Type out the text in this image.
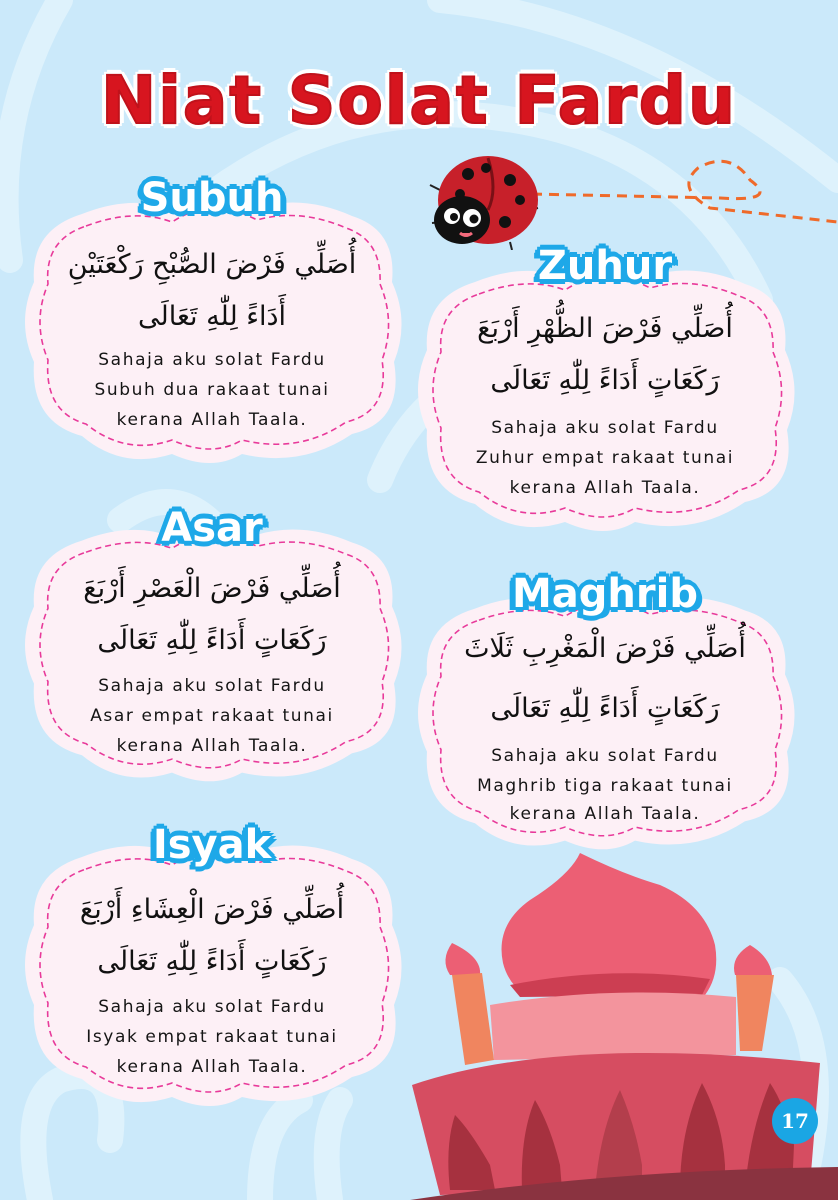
Niat Solat Fardu
Subuh
أُصَلِّي فَرْضَ الصُّبْحِ رَكْعَتَيْنِ
أَدَاءً لِلّٰهِ تَعَالَى
Sahaja aku solat Fardu
Subuh dua rakaat tunai
kerana Allah Taala.
Zuhur
أُصَلِّي فَرْضَ الظُّهْرِ أَرْبَعَ
رَكَعَاتٍ أَدَاءً لِلّٰهِ تَعَالَى
Sahaja aku solat Fardu
Zuhur empat rakaat tunai
kerana Allah Taala.
Asar
أُصَلِّي فَرْضَ الْعَصْرِ أَرْبَعَ
رَكَعَاتٍ أَدَاءً لِلّٰهِ تَعَالَى
Sahaja aku solat Fardu
Asar empat rakaat tunai
kerana Allah Taala.
Maghrib
أُصَلِّي فَرْضَ الْمَغْرِبِ ثَلَاثَ
رَكَعَاتٍ أَدَاءً لِلّٰهِ تَعَالَى
Sahaja aku solat Fardu
Maghrib tiga rakaat tunai
kerana Allah Taala.
Isyak
أُصَلِّي فَرْضَ الْعِشَاءِ أَرْبَعَ
رَكَعَاتٍ أَدَاءً لِلّٰهِ تَعَالَى
Sahaja aku solat Fardu
Isyak empat rakaat tunai
kerana Allah Taala.
17
